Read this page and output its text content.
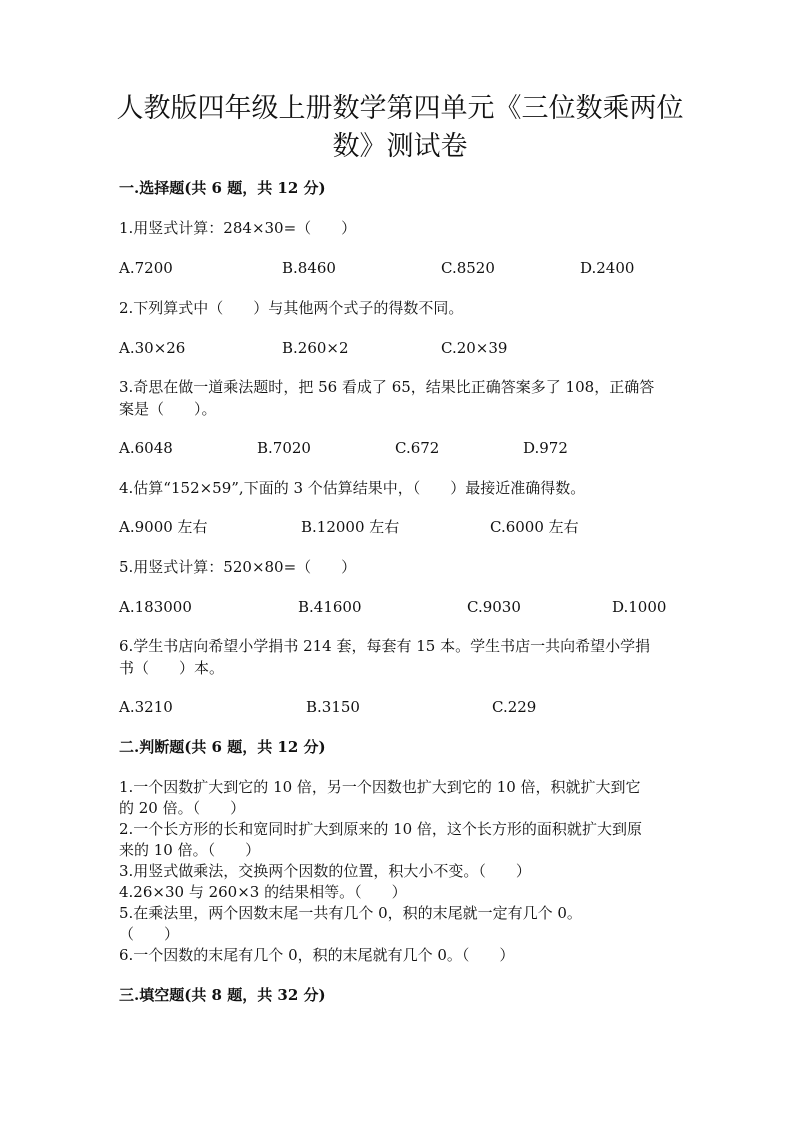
人教版四年级上册数学第四单元《三位数乘两位
数》测试卷
一.选择题(共 6 题，共 12 分)
1.用竖式计算：284×30=（　　）
A.7200	B.8460	C.8520	D.2400
2.下列算式中（　　）与其他两个式子的得数不同。
A.30×26	B.260×2	C.20×39
3.奇思在做一道乘法题时，把 56 看成了 65，结果比正确答案多了 108，正确答
案是（　　）。
A.6048	B.7020	C.672	D.972
4.估算“152×59”,下面的 3 个估算结果中，（　　）最接近准确得数。
A.9000 左右	B.12000 左右	C.6000 左右
5.用竖式计算：520×80=（　　）
A.183000	B.41600	C.9030	D.1000
6.学生书店向希望小学捐书 214 套，每套有 15 本。学生书店一共向希望小学捐
书（　　）本。
A.3210	B.3150	C.229
二.判断题(共 6 题，共 12 分)
1.一个因数扩大到它的 10 倍，另一个因数也扩大到它的 10 倍，积就扩大到它
的 20 倍。（　　）
2.一个长方形的长和宽同时扩大到原来的 10 倍，这个长方形的面积就扩大到原
来的 10 倍。（　　）
3.用竖式做乘法，交换两个因数的位置，积大小不变。（　　）
4.26×30 与 260×3 的结果相等。（　　）
5.在乘法里，两个因数末尾一共有几个 0，积的末尾就一定有几个 0。
（　　）
6.一个因数的末尾有几个 0，积的末尾就有几个 0。（　　）
三.填空题(共 8 题，共 32 分)
